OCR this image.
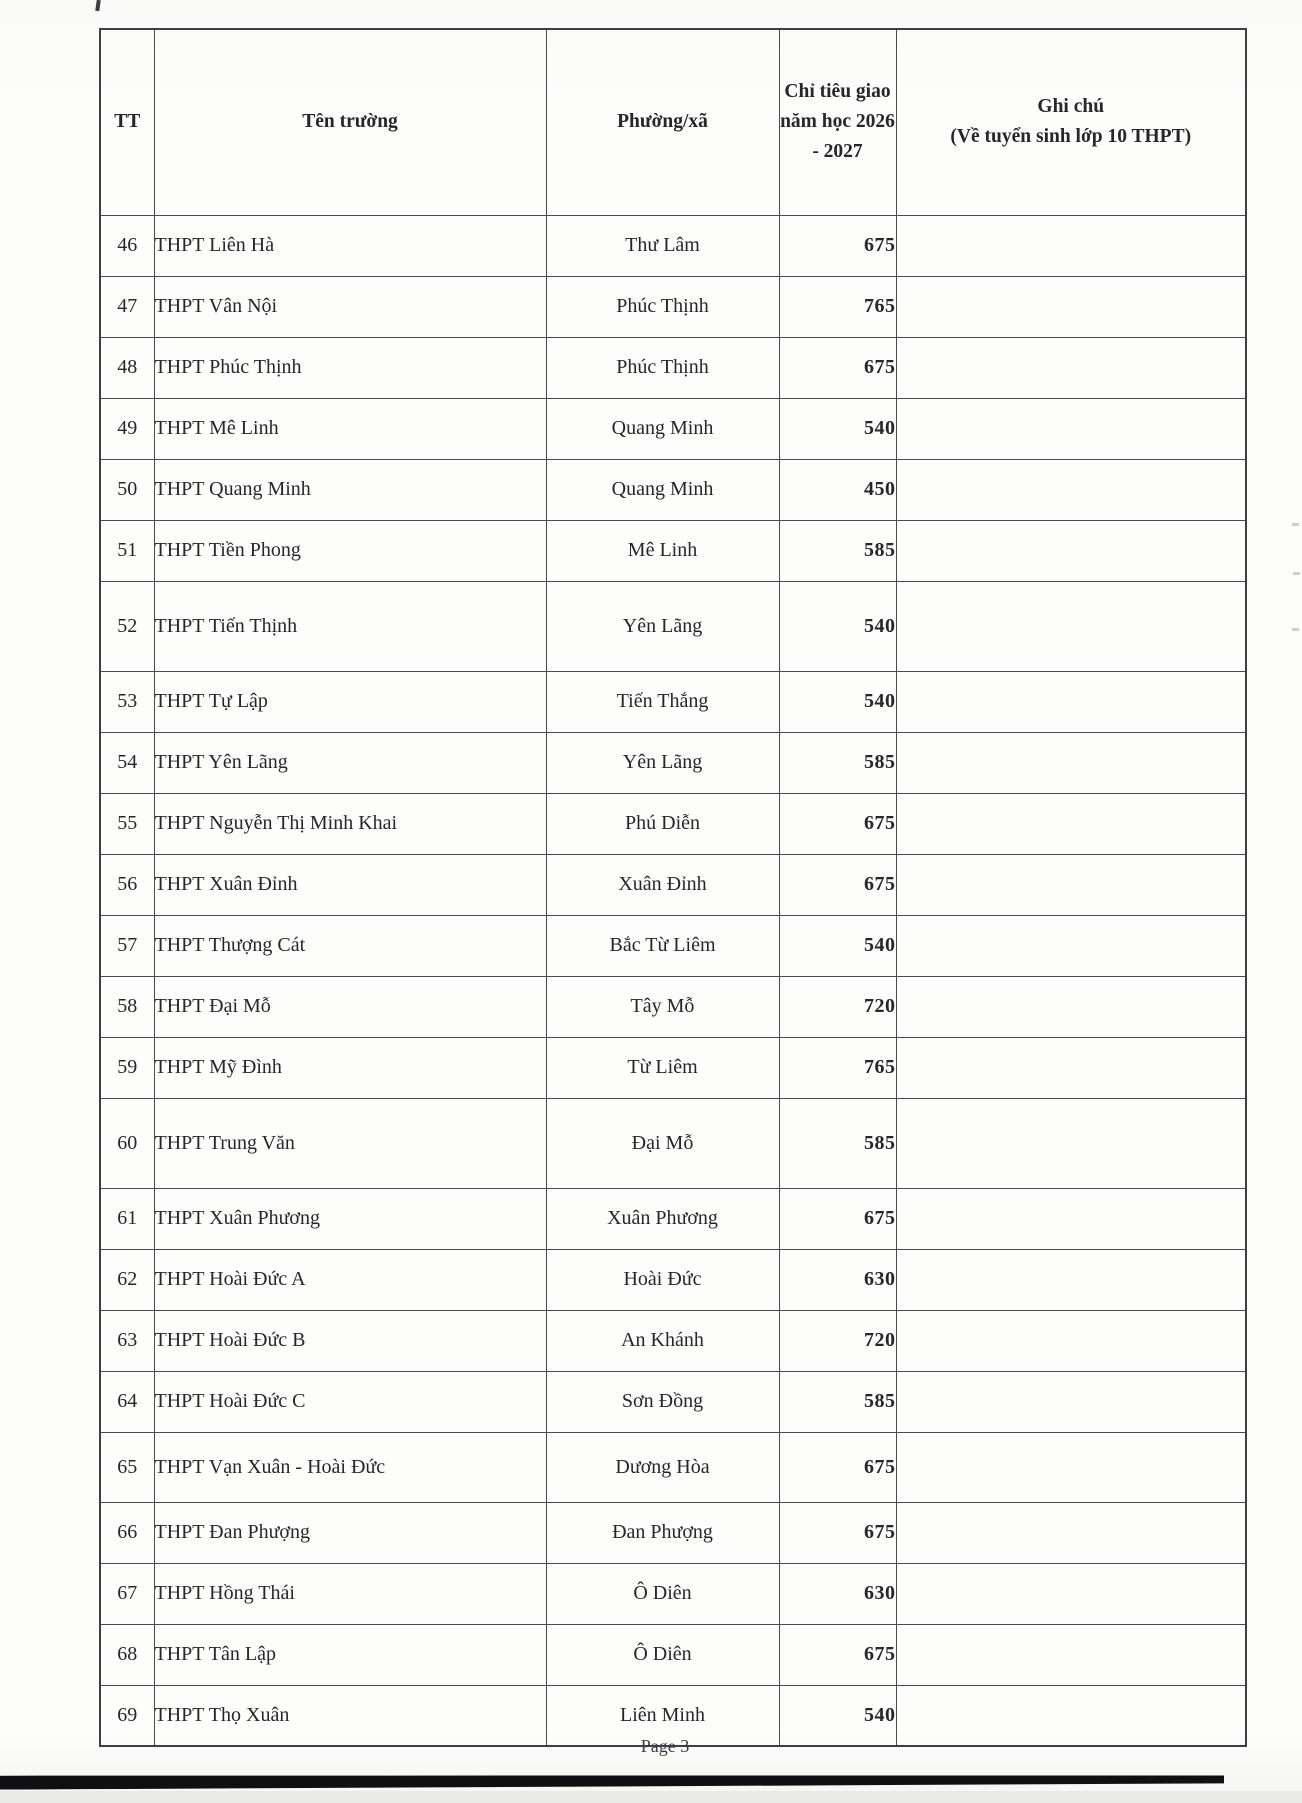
TT	Tên trường	Phường/xã	Chỉ tiêu giao năm học 2026 - 2027	Ghi chú
(Về tuyển sinh lớp 10 THPT)

46	THPT Liên Hà	Thư Lâm	675	
47	THPT Vân Nội	Phúc Thịnh	765	
48	THPT Phúc Thịnh	Phúc Thịnh	675	
49	THPT Mê Linh	Quang Minh	540	
50	THPT Quang Minh	Quang Minh	450	
51	THPT Tiền Phong	Mê Linh	585	
52	THPT Tiến Thịnh	Yên Lãng	540	
53	THPT Tự Lập	Tiến Thắng	540	
54	THPT Yên Lãng	Yên Lãng	585	
55	THPT Nguyễn Thị Minh Khai	Phú Diễn	675	
56	THPT Xuân Đỉnh	Xuân Đỉnh	675	
57	THPT Thượng Cát	Bắc Từ Liêm	540	
58	THPT Đại Mỗ	Tây Mỗ	720	
59	THPT Mỹ Đình	Từ Liêm	765	
60	THPT Trung Văn	Đại Mỗ	585	
61	THPT Xuân Phương	Xuân Phương	675	
62	THPT Hoài Đức A	Hoài Đức	630	
63	THPT Hoài Đức B	An Khánh	720	
64	THPT Hoài Đức C	Sơn Đồng	585	
65	THPT Vạn Xuân - Hoài Đức	Dương Hòa	675	
66	THPT Đan Phượng	Đan Phượng	675	
67	THPT Hồng Thái	Ô Diên	630	
68	THPT Tân Lập	Ô Diên	675	
69	THPT Thọ Xuân	Liên Minh	540	
Page 3
